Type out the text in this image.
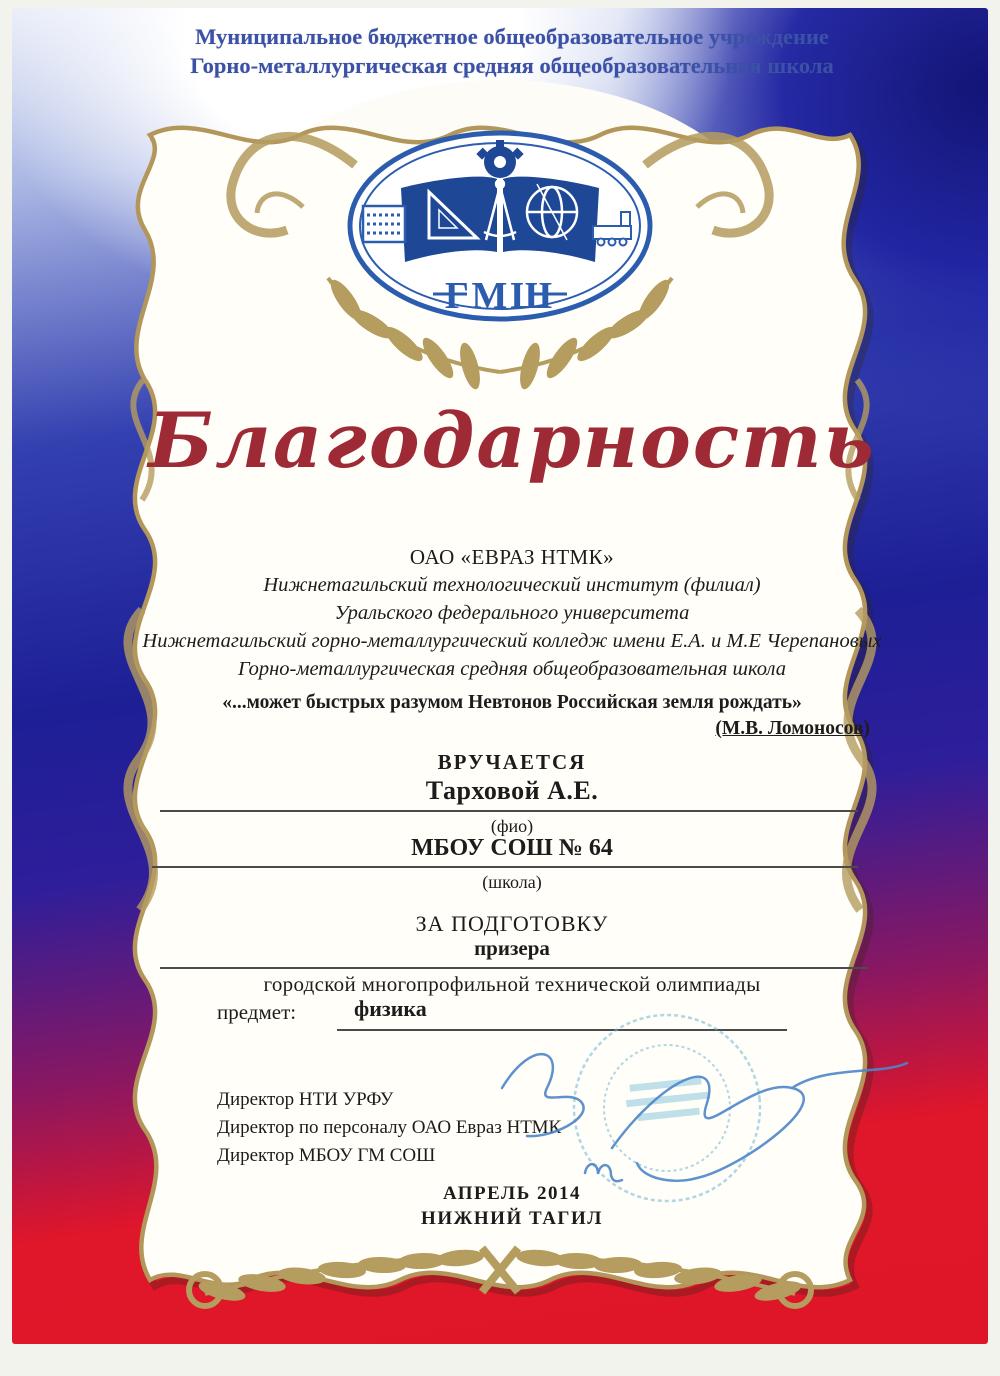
Муниципальное бюджетное общеобразовательное учреждение
Горно-металлургическая средняя общеобразовательная школа
ГМШ
Благодарность
ОАО «ЕВРАЗ НТМК»
Нижнетагильский технологический институт (филиал)
Уральского федерального университета
Нижнетагильский горно-металлургический колледж имени Е.А. и М.Е Черепановых
Горно-металлургическая средняя общеобразовательная школа
«...может быстрых разумом Невтонов Российская земля рождать»
(М.В. Ломоносов)
ВРУЧАЕТСЯ
Тарховой А.Е.
(фио)
МБОУ СОШ № 64
(школа)
ЗА ПОДГОТОВКУ
призера
городской многопрофильной технической олимпиады
предмет:	физика
Директор НТИ УРФУ
Директор по персоналу ОАО Евраз НТМК
Директор МБОУ ГМ СОШ
АПРЕЛЬ 2014
НИЖНИЙ ТАГИЛ
